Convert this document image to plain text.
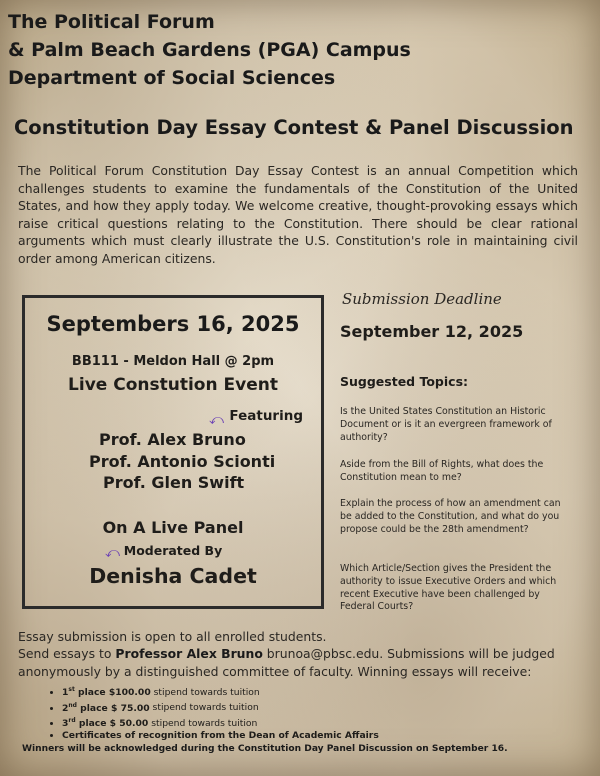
The Political Forum
& Palm Beach Gardens (PGA) Campus
Department of Social Sciences
Constitution Day Essay Contest & Panel Discussion
The Political Forum Constitution Day Essay Contest is an annual Competition which challenges students to examine the fundamentals of the Constitution of the United States, and how they apply today. We welcome creative, thought-provoking essays which raise critical questions relating to the Constitution. There should be clear rational arguments which must clearly illustrate the U.S. Constitution's role in maintaining civil order among American citizens.
Septembers 16, 2025
BB111 - Meldon Hall @ 2pm
Live Constution Event
⤺ Featuring
Prof. Alex Bruno
Prof. Antonio Scionti
Prof. Glen Swift
On A Live Panel
⤺ Moderated By
Denisha Cadet
Submission Deadline
September 12, 2025
Suggested Topics:
Is the United States Constitution an Historic Document or is it an evergreen framework of authority?
Aside from the Bill of Rights, what does the Constitution mean to me?
Explain the process of how an amendment can be added to the Constitution, and what do you propose could be the 28th amendment?
Which Article/Section gives the President the authority to issue Executive Orders and which recent Executive have been challenged by Federal Courts?
Essay submission is open to all enrolled students.
Send essays to Professor Alex Bruno brunoa@pbsc.edu. Submissions will be judged anonymously by a distinguished committee of faculty. Winning essays will receive:
• 1st place $100.00 stipend towards tuition
• 2nd place $ 75.00 stipend towards tuition
• 3rd place $ 50.00 stipend towards tuition
• Certificates of recognition from the Dean of Academic Affairs
Winners will be acknowledged during the Constitution Day Panel Discussion on September 16.
